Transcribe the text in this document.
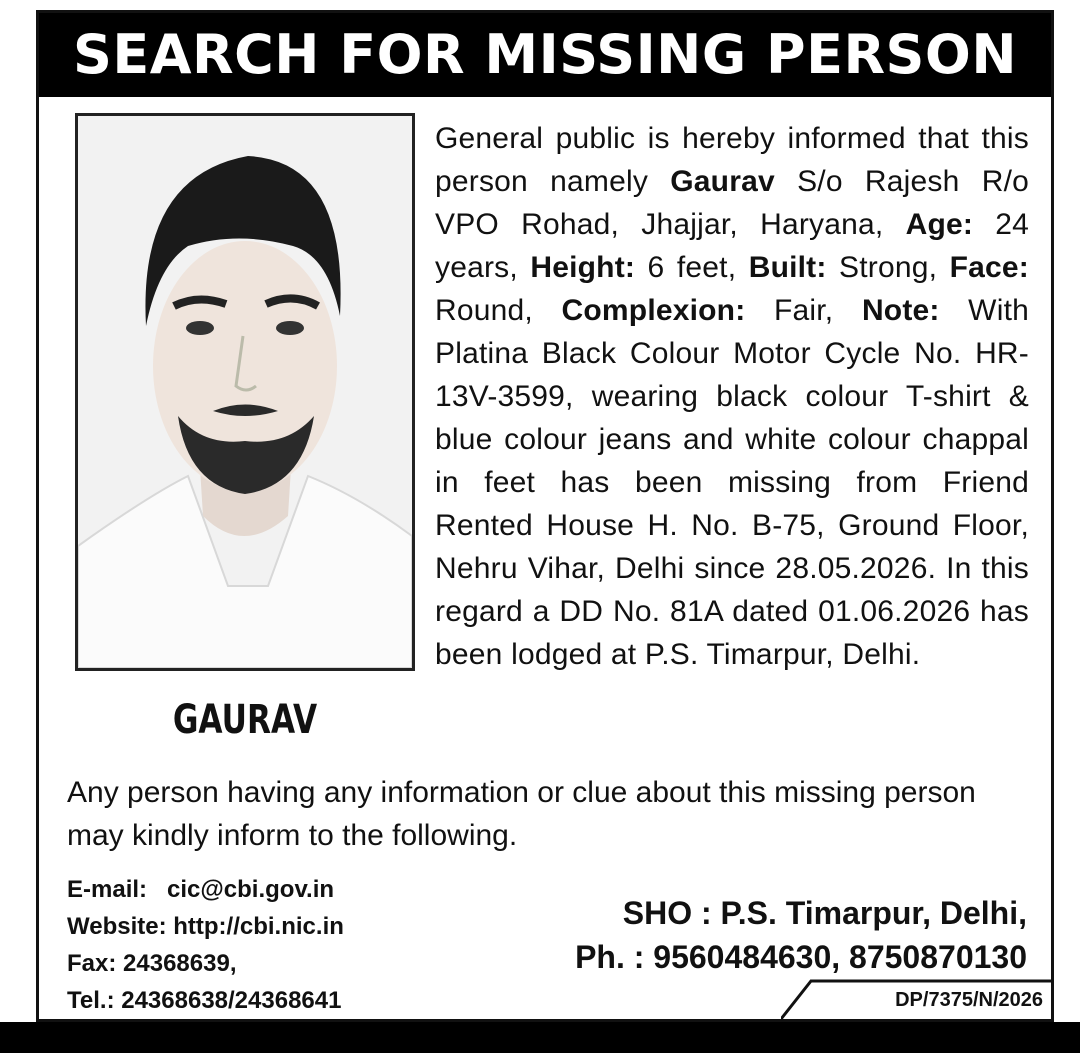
SEARCH FOR MISSING PERSON
GAURAV
General public is hereby informed that this person namely Gaurav S/o Rajesh R/o VPO Rohad, Jhajjar, Haryana, Age: 24 years, Height: 6 feet, Built: Strong, Face: Round, Complexion: Fair, Note: With Platina Black Colour Motor Cycle No. HR-13V-3599, wearing black colour T-shirt & blue colour jeans and white colour chappal in feet has been missing from Friend Rented House H. No. B-75, Ground Floor, Nehru Vihar, Delhi since 28.05.2026. In this regard a DD No. 81A dated 01.06.2026 has been lodged at P.S. Timarpur, Delhi.
Any person having any information or clue about this missing person may kindly inform to the following.
E-mail: cic@cbi.gov.in
Website: http://cbi.nic.in
Fax: 24368639,
Tel.: 24368638/24368641
SHO : P.S. Timarpur, Delhi,
Ph. : 9560484630, 8750870130
DP/7375/N/2026
